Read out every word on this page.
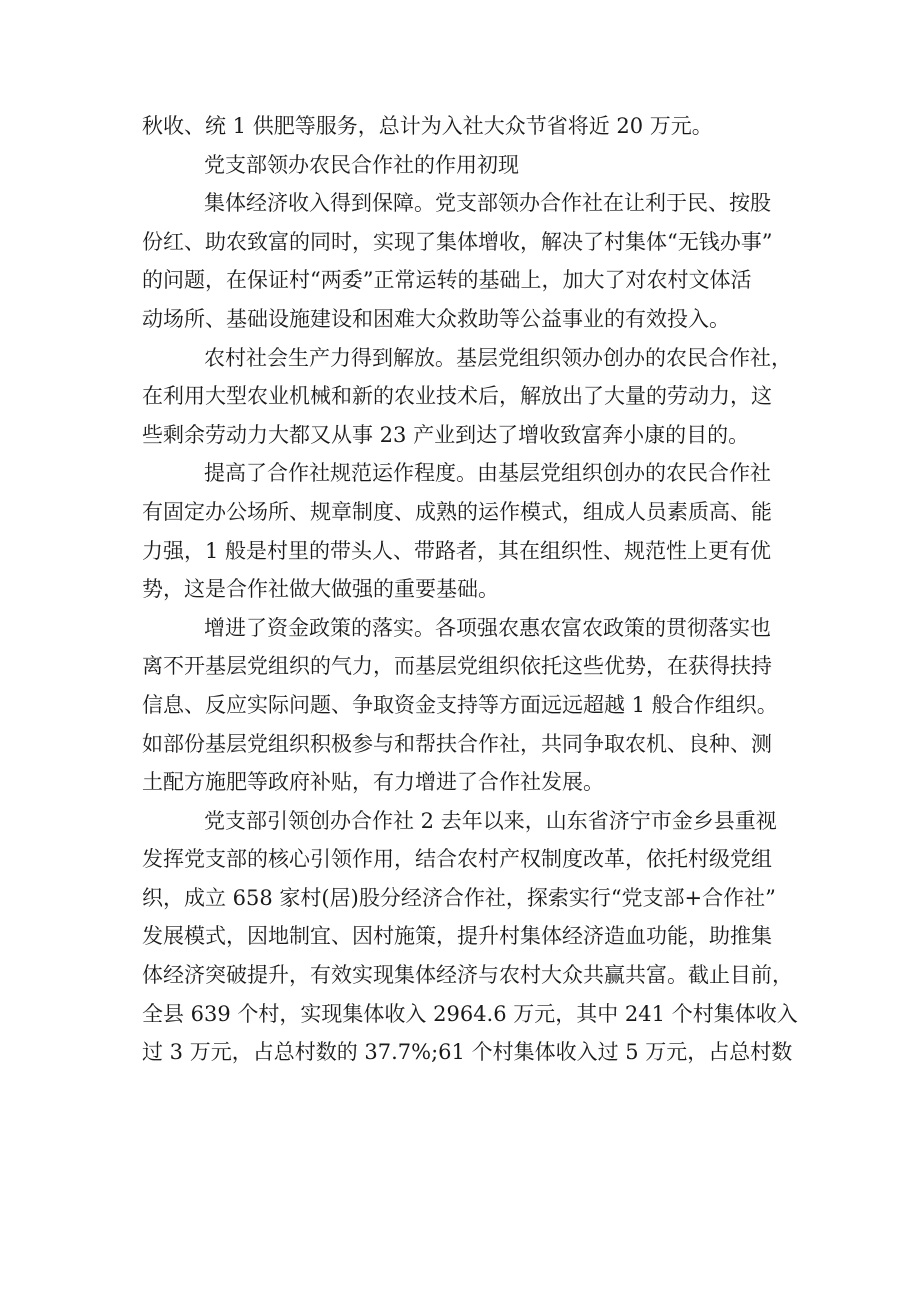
秋收、统 1 供肥等服务，总计为入社大众节省将近 20 万元。
党支部领办农民合作社的作用初现
集体经济收入得到保障。党支部领办合作社在让利于民、按股
份红、助农致富的同时，实现了集体增收，解决了村集体“无钱办事”
的问题，在保证村“两委”正常运转的基础上，加大了对农村文体活
动场所、基础设施建设和困难大众救助等公益事业的有效投入。
农村社会生产力得到解放。基层党组织领办创办的农民合作社，
在利用大型农业机械和新的农业技术后，解放出了大量的劳动力，这
些剩余劳动力大都又从事 23 产业到达了增收致富奔小康的目的。
提高了合作社规范运作程度。由基层党组织创办的农民合作社
有固定办公场所、规章制度、成熟的运作模式，组成人员素质高、能
力强，1 般是村里的带头人、带路者，其在组织性、规范性上更有优
势，这是合作社做大做强的重要基础。
增进了资金政策的落实。各项强农惠农富农政策的贯彻落实也
离不开基层党组织的气力，而基层党组织依托这些优势，在获得扶持
信息、反应实际问题、争取资金支持等方面远远超越 1 般合作组织。
如部份基层党组织积极参与和帮扶合作社，共同争取农机、良种、测
土配方施肥等政府补贴，有力增进了合作社发展。
党支部引领创办合作社 2 去年以来，山东省济宁市金乡县重视
发挥党支部的核心引领作用，结合农村产权制度改革，依托村级党组
织，成立 658 家村(居)股分经济合作社，探索实行“党支部+合作社”
发展模式，因地制宜、因村施策，提升村集体经济造血功能，助推集
体经济突破提升，有效实现集体经济与农村大众共赢共富。截止目前，
全县 639 个村，实现集体收入 2964.6 万元，其中 241 个村集体收入
过 3 万元，占总村数的 37.7%;61 个村集体收入过 5 万元，占总村数
